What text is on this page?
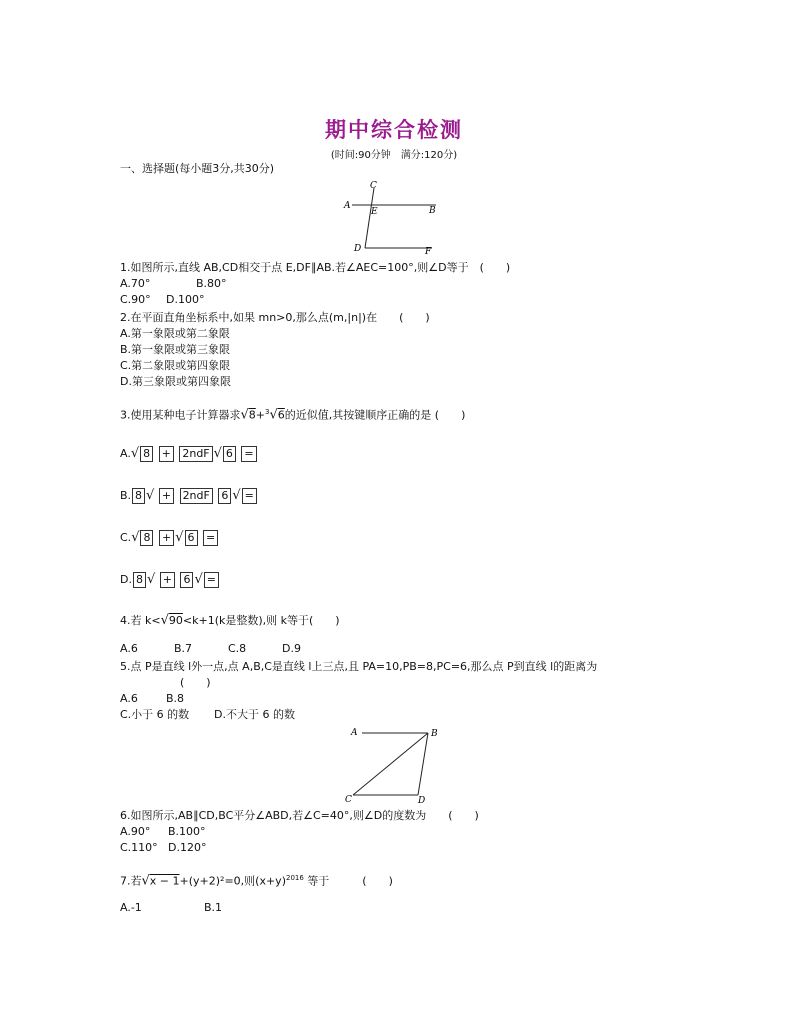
期中综合检测
(时间:90分钟　满分:120分)
一、选择题(每小题3分,共30分)
C
A
E	B
D	F
1.如图所示,直线 AB,CD相交于点 E,DF∥AB.若∠AEC=100°,则∠D等于　(　　)
A.70°	B.80°
C.90° D.100°
2.在平面直角坐标系中,如果 mn>0,那么点(m,|n|)在　　(　　)
A.第一象限或第二象限
B.第一象限或第三象限
C.第二象限或第四象限
D.第三象限或第四象限
3.使用某种电子计算器求√8+$^3$√6的近似值,其按键顺序正确的是 (　　)
A.√ 8 + 2ndF √ 6 =
B. 8 √ + 2ndF 6 √ =
C.√ 8 + √ 6 =
D. 8 √ + 6 √ =
4.若 k<√90<k+1(k是整数),则 k等于(　　)
A.6	B.7	C.8	D.9
5.点 P是直线 l外一点,点 A,B,C是直线 l上三点,且 PA=10,PB=8,PC=6,那么点 P到直线 l的距离为
(　　)
A.6	B.8
C.小于 6 的数 D.不大于 6 的数
A	B
C	D
6.如图所示,AB∥CD,BC平分∠ABD,若∠C=40°,则∠D的度数为　　(　　)
A.90° B.100°
C.110° D.120°
7.若√x − 1+(y+2)²=0,则$(x+y)^{2016}$ 等于　　　(　　)
A.-1	B.1
